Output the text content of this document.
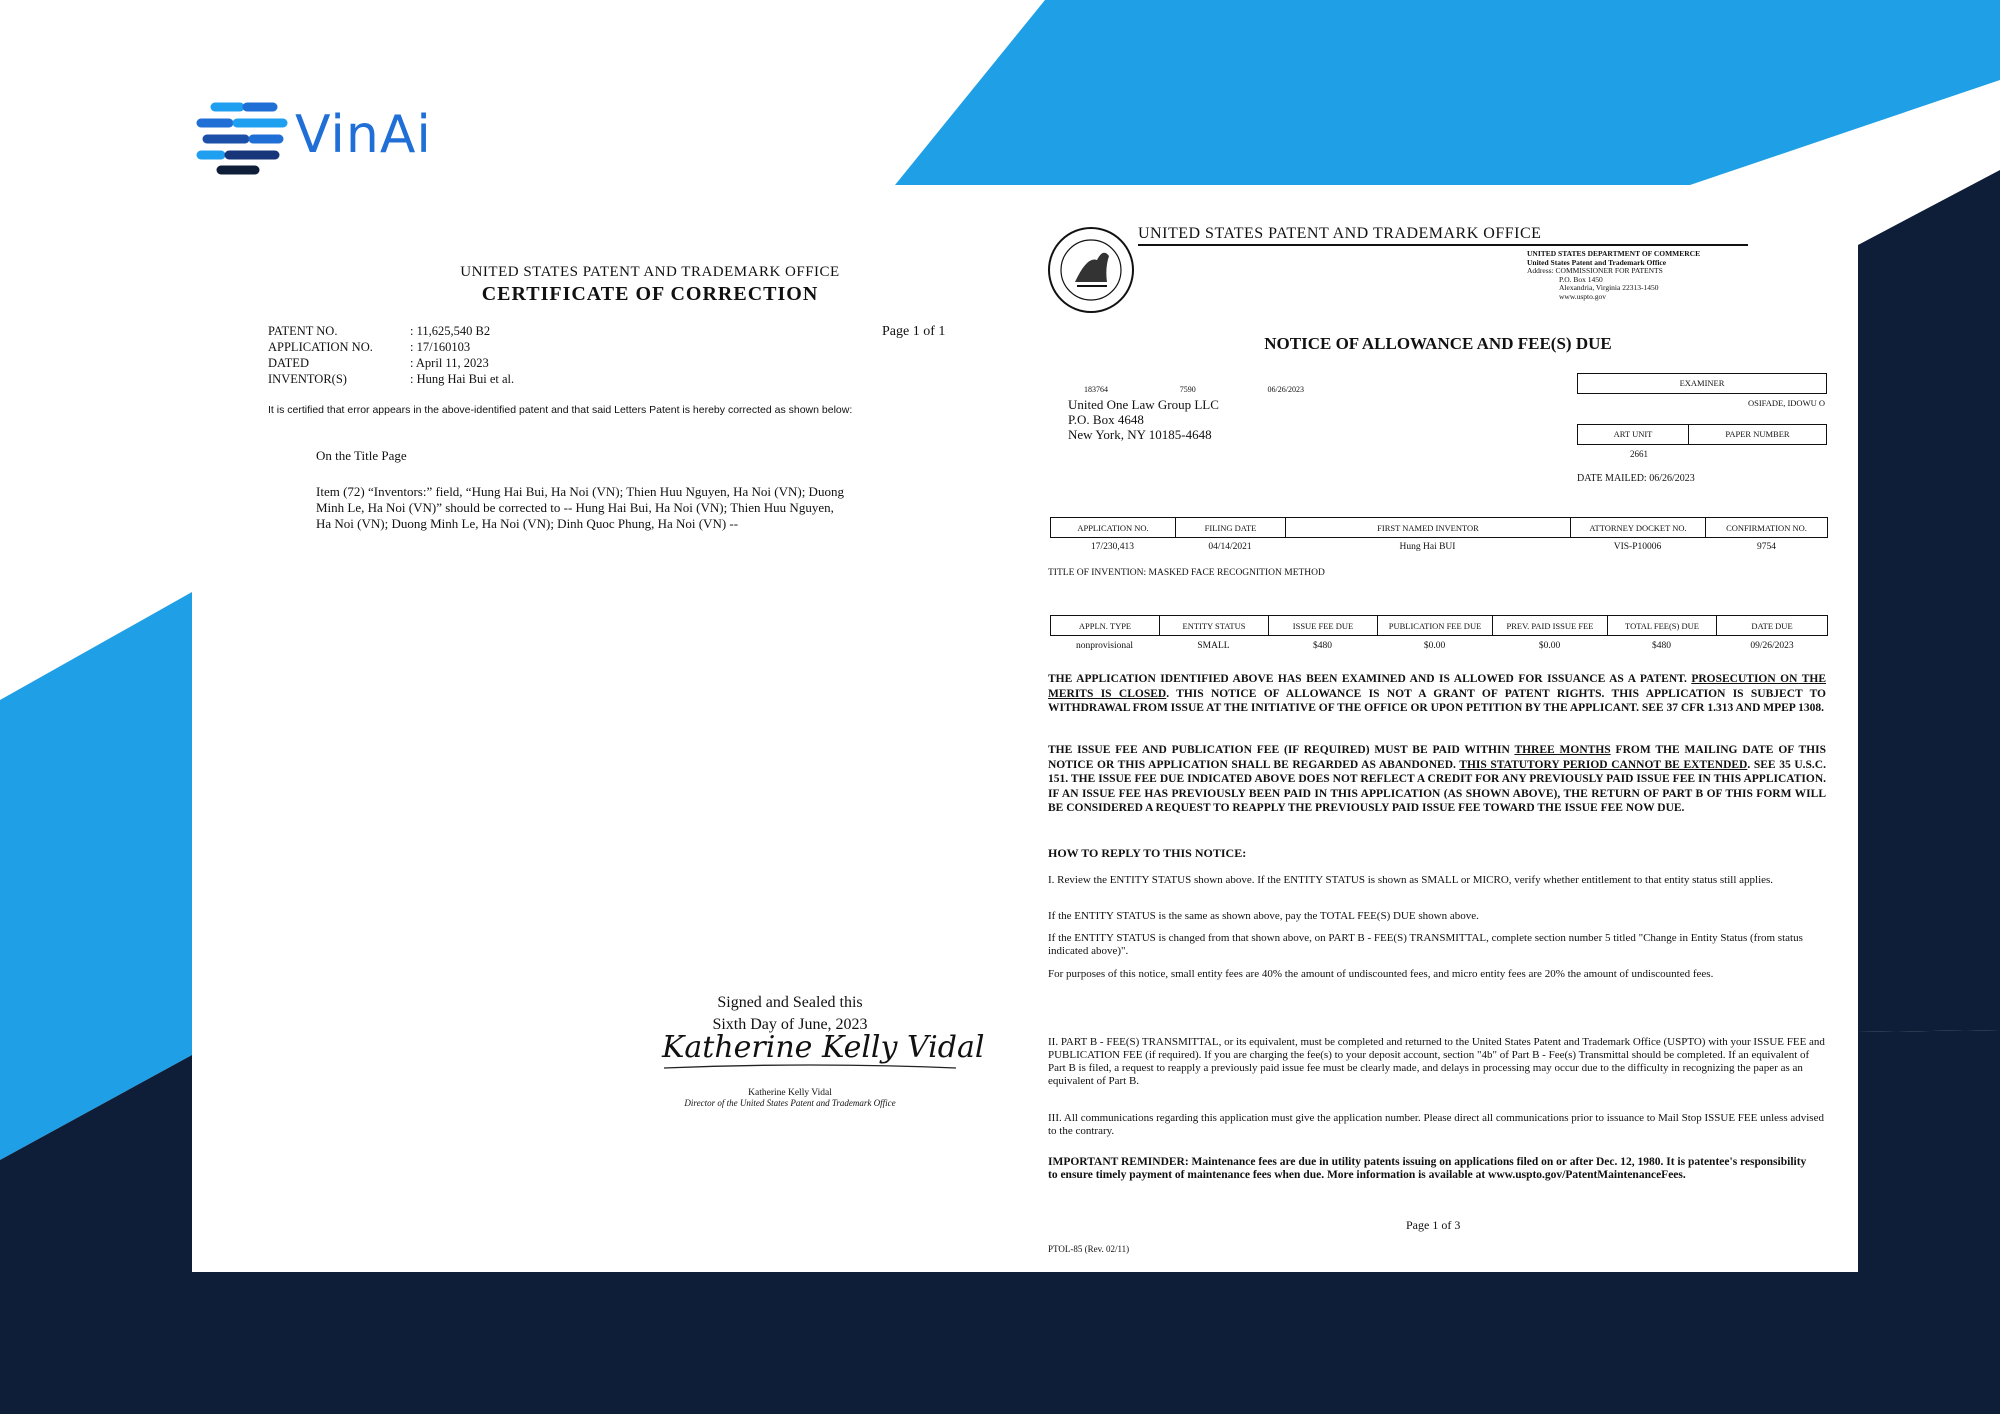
VinAi
UNITED STATES PATENT AND TRADEMARK OFFICE
CERTIFICATE OF CORRECTION
PATENT NO.	: 11,625,540 B2
APPLICATION NO.	: 17/160103
DATED	: April 11, 2023
INVENTOR(S)	: Hung Hai Bui et al.
Page 1 of 1
It is certified that error appears in the above-identified patent and that said Letters Patent is hereby corrected as shown below:
On the Title Page
Item (72) “Inventors:” field, “Hung Hai Bui, Ha Noi (VN); Thien Huu Nguyen, Ha Noi (VN); Duong
Minh Le, Ha Noi (VN)” should be corrected to -- Hung Hai Bui, Ha Noi (VN); Thien Huu Nguyen,
Ha Noi (VN); Duong Minh Le, Ha Noi (VN); Dinh Quoc Phung, Ha Noi (VN) --
Signed and Sealed this
Sixth Day of June, 2023
Katherine Kelly Vidal
Katherine Kelly Vidal
Director of the United States Patent and Trademark Office
UNITED STATES PATENT AND TRADEMARK OFFICE
UNITED STATES DEPARTMENT OF COMMERCE
United States Patent and Trademark Office
Address: COMMISSIONER FOR PATENTS
P.O. Box 1450
Alexandria, Virginia 22313-1450
www.uspto.gov
NOTICE OF ALLOWANCE AND FEE(S) DUE
183764	7590	06/26/2023
United One Law Group LLC
P.O. Box 4648
New York, NY 10185-4648
EXAMINER
OSIFADE, IDOWU O
ART UNIT	PAPER NUMBER
2661
DATE MAILED: 06/26/2023
APPLICATION NO.	FILING DATE	FIRST NAMED INVENTOR	ATTORNEY DOCKET NO.	CONFIRMATION NO.
17/230,413	04/14/2021	Hung Hai BUI	VIS-P10006	9754
TITLE OF INVENTION: MASKED FACE RECOGNITION METHOD
APPLN. TYPE	ENTITY STATUS	ISSUE FEE DUE	PUBLICATION FEE DUE	PREV. PAID ISSUE FEE	TOTAL FEE(S) DUE	DATE DUE
nonprovisional	SMALL	$480	$0.00	$0.00	$480	09/26/2023
THE APPLICATION IDENTIFIED ABOVE HAS BEEN EXAMINED AND IS ALLOWED FOR ISSUANCE AS A PATENT. PROSECUTION ON THE MERITS IS CLOSED. THIS NOTICE OF ALLOWANCE IS NOT A GRANT OF PATENT RIGHTS. THIS APPLICATION IS SUBJECT TO WITHDRAWAL FROM ISSUE AT THE INITIATIVE OF THE OFFICE OR UPON PETITION BY THE APPLICANT. SEE 37 CFR 1.313 AND MPEP 1308.
THE ISSUE FEE AND PUBLICATION FEE (IF REQUIRED) MUST BE PAID WITHIN THREE MONTHS FROM THE MAILING DATE OF THIS NOTICE OR THIS APPLICATION SHALL BE REGARDED AS ABANDONED. THIS STATUTORY PERIOD CANNOT BE EXTENDED. SEE 35 U.S.C. 151. THE ISSUE FEE DUE INDICATED ABOVE DOES NOT REFLECT A CREDIT FOR ANY PREVIOUSLY PAID ISSUE FEE IN THIS APPLICATION. IF AN ISSUE FEE HAS PREVIOUSLY BEEN PAID IN THIS APPLICATION (AS SHOWN ABOVE), THE RETURN OF PART B OF THIS FORM WILL BE CONSIDERED A REQUEST TO REAPPLY THE PREVIOUSLY PAID ISSUE FEE TOWARD THE ISSUE FEE NOW DUE.
HOW TO REPLY TO THIS NOTICE:
I. Review the ENTITY STATUS shown above. If the ENTITY STATUS is shown as SMALL or MICRO, verify whether entitlement to that entity status still applies.
If the ENTITY STATUS is the same as shown above, pay the TOTAL FEE(S) DUE shown above.
If the ENTITY STATUS is changed from that shown above, on PART B - FEE(S) TRANSMITTAL, complete section number 5 titled "Change in Entity Status (from status indicated above)".
For purposes of this notice, small entity fees are 40% the amount of undiscounted fees, and micro entity fees are 20% the amount of undiscounted fees.
II. PART B - FEE(S) TRANSMITTAL, or its equivalent, must be completed and returned to the United States Patent and Trademark Office (USPTO) with your ISSUE FEE and PUBLICATION FEE (if required). If you are charging the fee(s) to your deposit account, section "4b" of Part B - Fee(s) Transmittal should be completed. If an equivalent of Part B is filed, a request to reapply a previously paid issue fee must be clearly made, and delays in processing may occur due to the difficulty in recognizing the paper as an equivalent of Part B.
III. All communications regarding this application must give the application number. Please direct all communications prior to issuance to Mail Stop ISSUE FEE unless advised to the contrary.
IMPORTANT REMINDER: Maintenance fees are due in utility patents issuing on applications filed on or after Dec. 12, 1980. It is patentee's responsibility to ensure timely payment of maintenance fees when due. More information is available at www.uspto.gov/PatentMaintenanceFees.
Page 1 of 3
PTOL-85 (Rev. 02/11)
